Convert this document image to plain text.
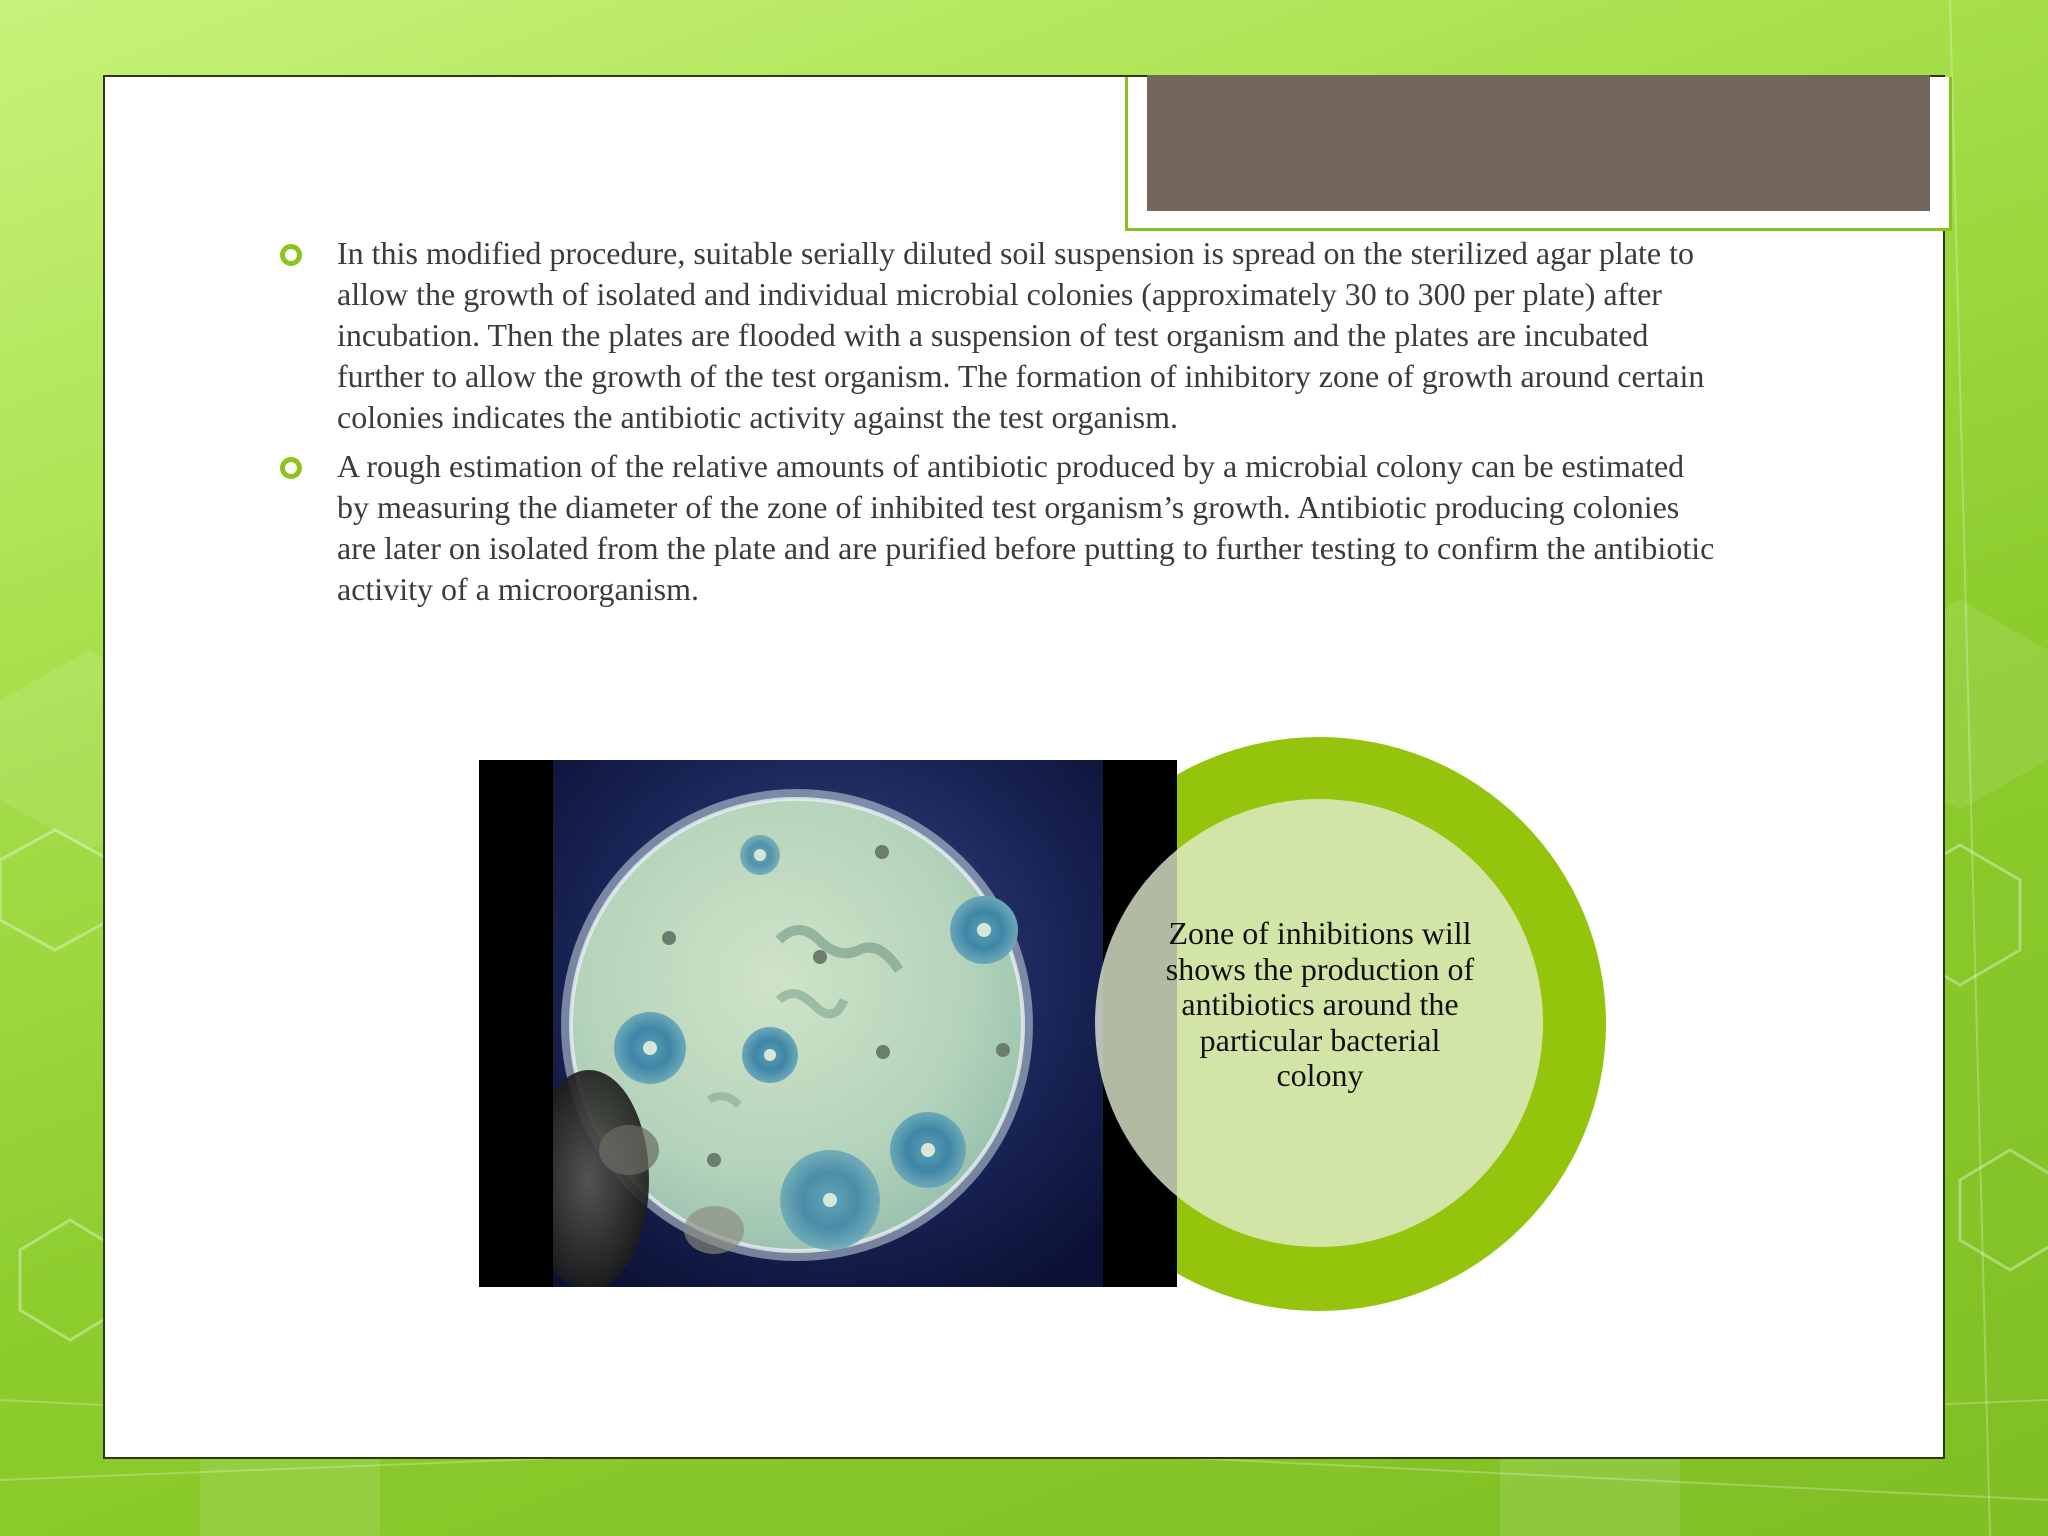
In this modified procedure, suitable serially diluted soil suspension is spread on the sterilized agar plate to allow the growth of isolated and individual microbial colonies (approximately 30 to 300 per plate) after incubation. Then the plates are flooded with a suspension of test organism and the plates are incubated further to allow the growth of the test organism. The formation of inhibitory zone of growth around certain colonies indicates the antibiotic activity against the test organism.
A rough estimation of the relative amounts of antibiotic produced by a microbial colony can be estimated by measuring the diameter of the zone of inhibited test organism’s growth. Antibiotic producing colonies are later on isolated from the plate and are purified before putting to further testing to confirm the antibiotic activity of a microorganism.
Zone of inhibitions will shows the production of antibiotics around the particular bacterial colony
